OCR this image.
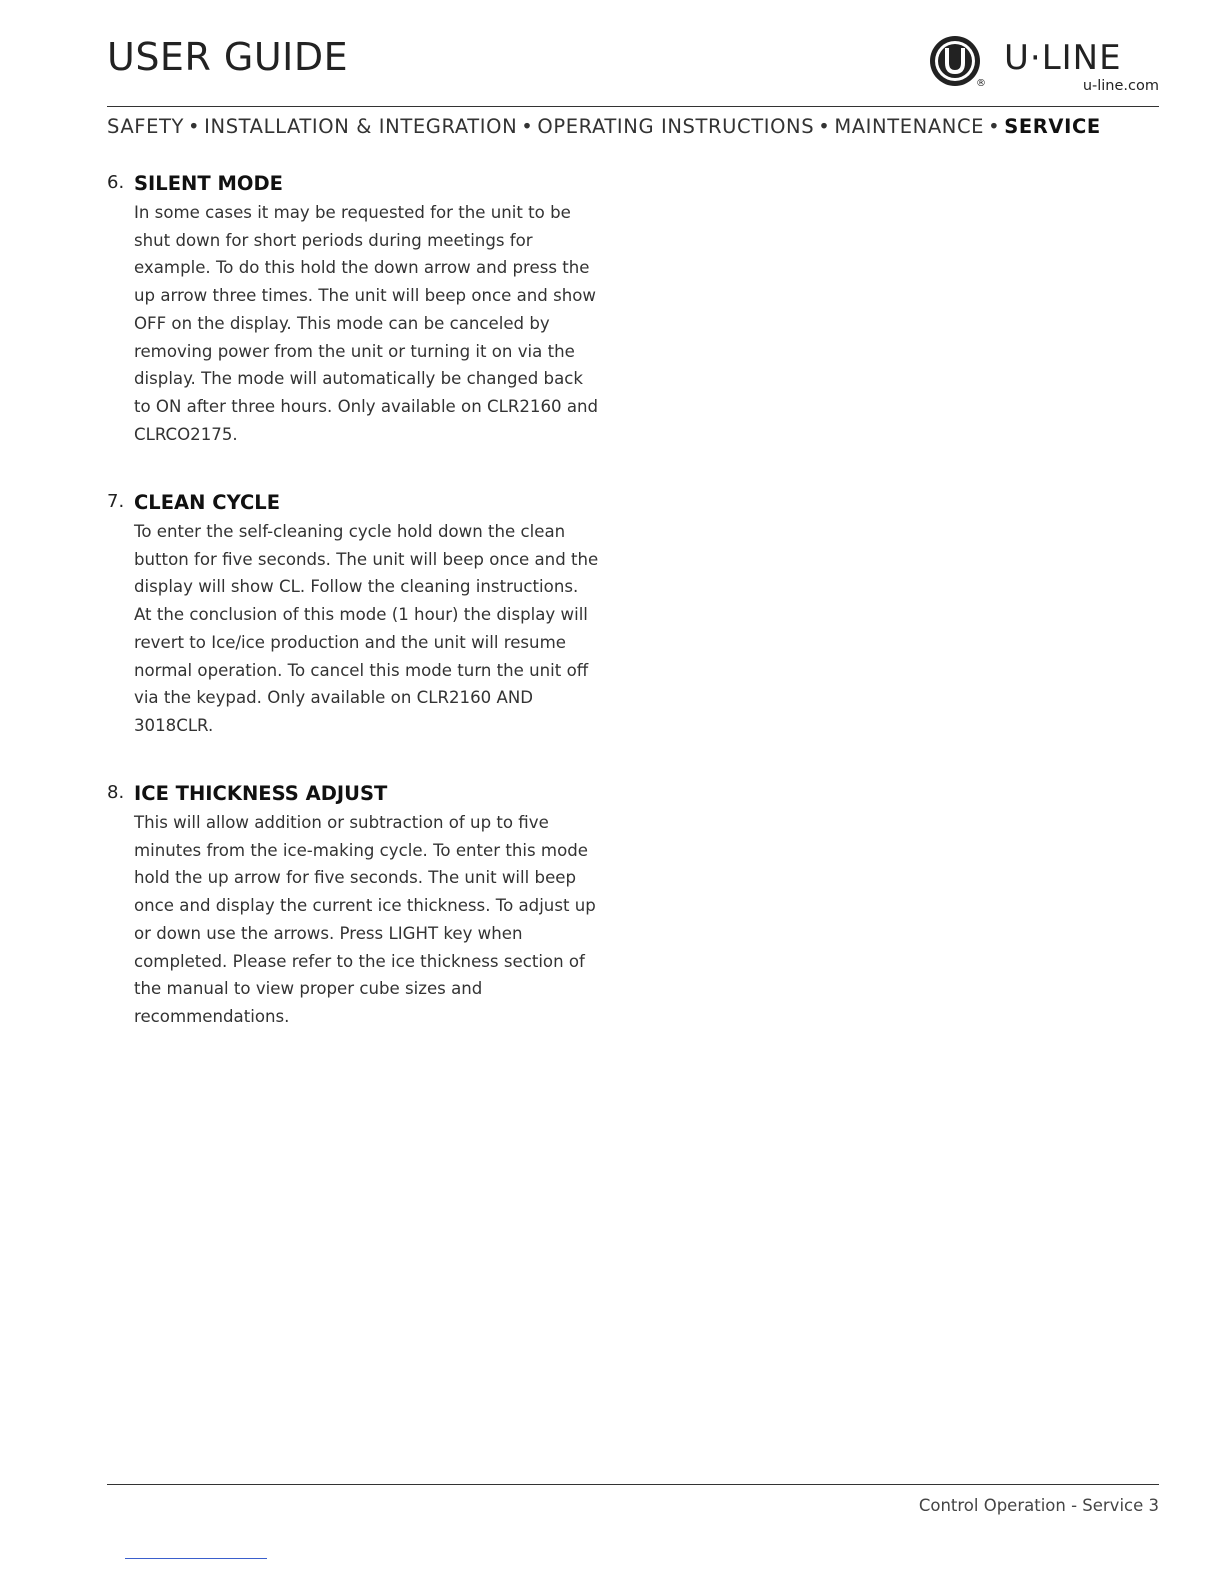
USER GUIDE
®
U·LINE
u-line.com
SAFETY • INSTALLATION & INTEGRATION • OPERATING INSTRUCTIONS • MAINTENANCE • SERVICE
6. SILENT MODE
In some cases it may be requested for the unit to be shut down for short periods during meetings for example. To do this hold the down arrow and press the up arrow three times. The unit will beep once and show OFF on the display. This mode can be canceled by removing power from the unit or turning it on via the display. The mode will automatically be changed back to ON after three hours. Only available on CLR2160 and CLRCO2175.
7. CLEAN CYCLE
To enter the self-cleaning cycle hold down the clean button for five seconds. The unit will beep once and the display will show CL. Follow the cleaning instructions. At the conclusion of this mode (1 hour) the display will revert to Ice/ice production and the unit will resume normal operation. To cancel this mode turn the unit off via the keypad. Only available on CLR2160 AND 3018CLR.
8. ICE THICKNESS ADJUST
This will allow addition or subtraction of up to five minutes from the ice-making cycle. To enter this mode hold the up arrow for five seconds. The unit will beep once and display the current ice thickness. To adjust up or down use the arrows. Press LIGHT key when completed. Please refer to the ice thickness section of the manual to view proper cube sizes and recommendations.
Control Operation - Service 3
